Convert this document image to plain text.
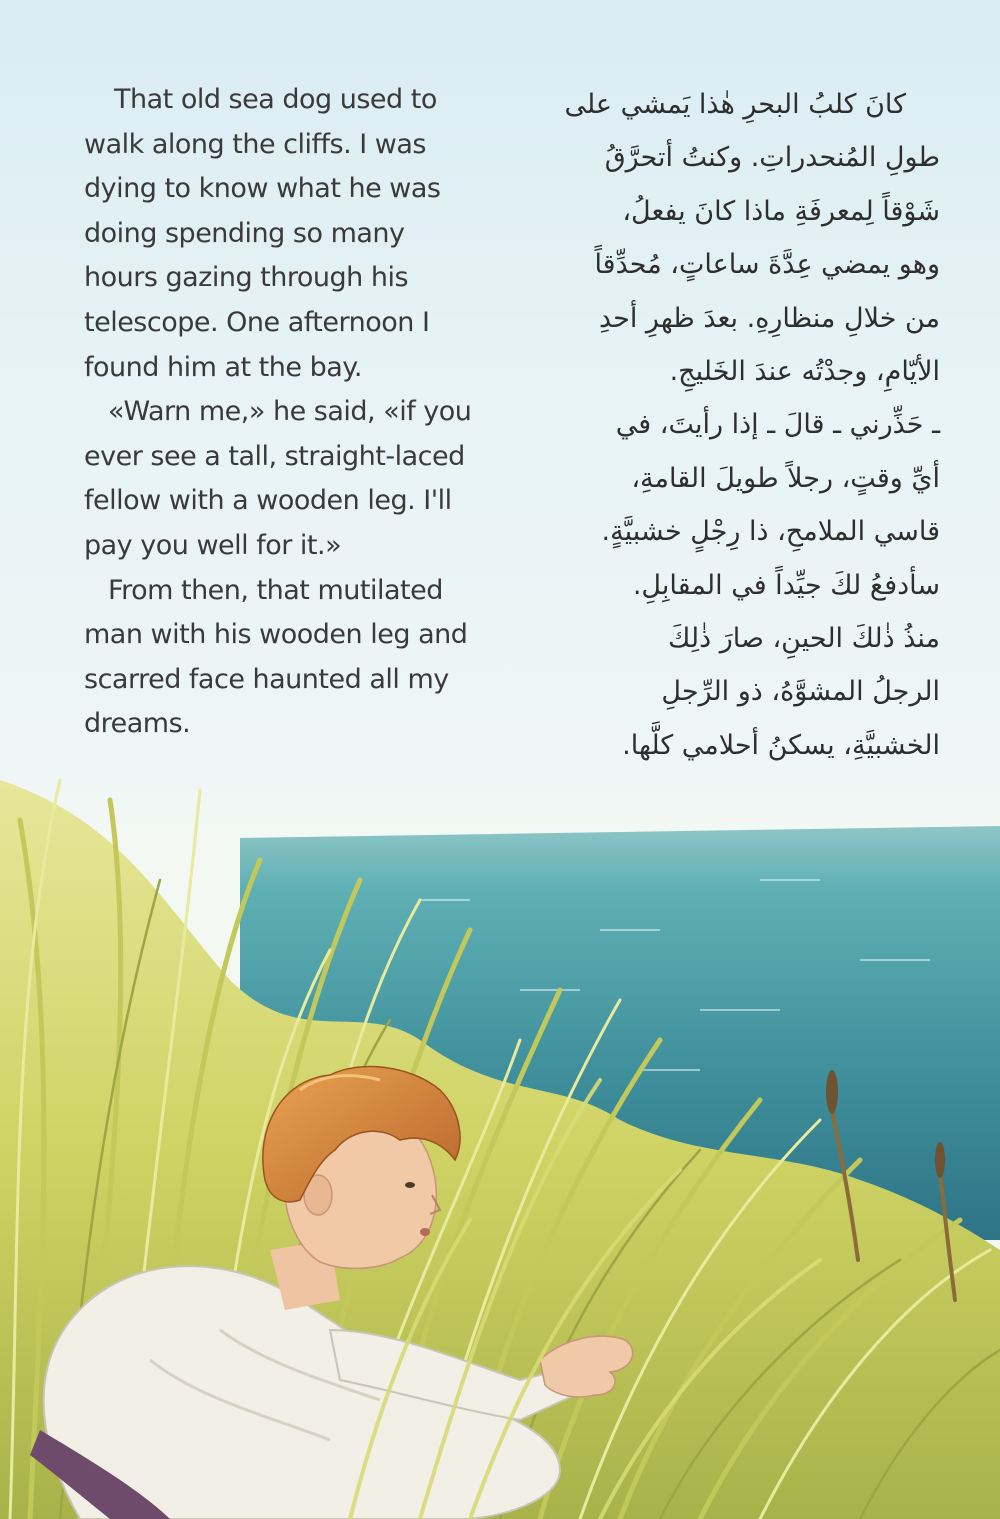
That old sea dog used to
walk along the cliffs. I was
dying to know what he was
doing spending so many
hours gazing through his
telescope. One afternoon I
found him at the bay.
«Warn me,» he said, «if you
ever see a tall, straight-laced
fellow with a wooden leg. I'll
pay you well for it.»
From then, that mutilated
man with his wooden leg and
scarred face haunted all my
dreams.
كانَ كلبُ البحرِ هٰذا يَمشي على
طولِ المُنحدراتِ. وكنتُ أتحرَّقُ
شَوْقاً لِمعرفَةِ ماذا كانَ يفعلُ،
وهو يمضي عِدَّةَ ساعاتٍ، مُحدِّقاً
من خلالِ منظارِهِ. بعدَ ظهرِ أحدِ
الأيّامِ، وجدْتُه عندَ الخَليجِ.
ـ حَذِّرني ـ قالَ ـ إذا رأيتَ، في
أيِّ وقتٍ، رجلاً طويلَ القامةِ،
قاسي الملامحِ، ذا رِجْلٍ خشبيَّةٍ.
سأدفعُ لكَ جيِّداً في المقابِلِ.
منذُ ذٰلكَ الحينِ، صارَ ذٰلِكَ
الرجلُ المشوَّهُ، ذو الرِّجلِ
الخشبيَّةِ، يسكنُ أحلامي كلَّها.
